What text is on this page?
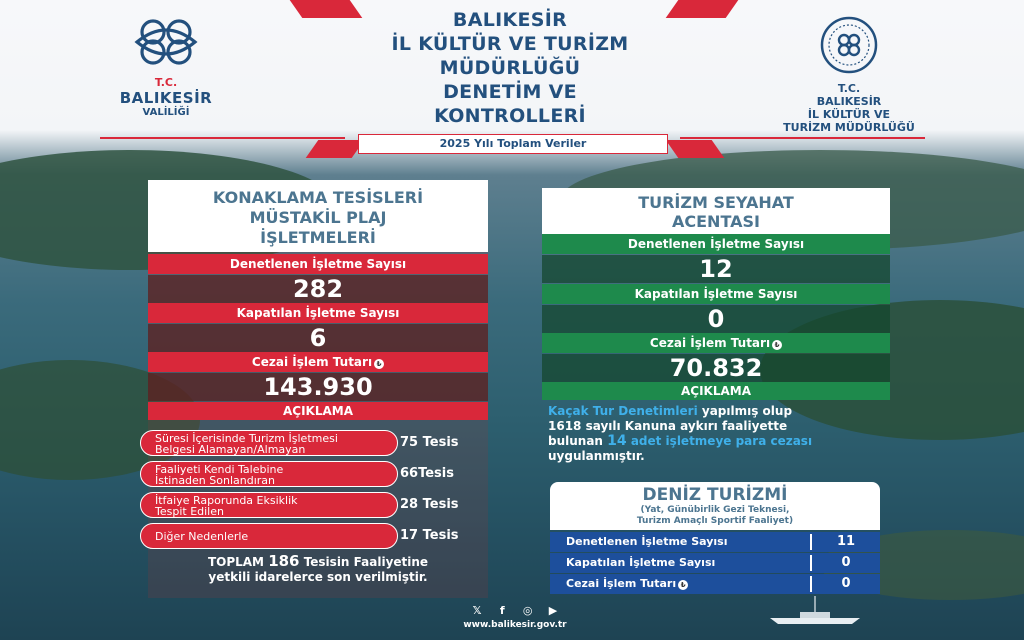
T.C.
BALIKESİR
VALİLİĞİ
BALIKESİR
İL KÜLTÜR VE TURİZM
MÜDÜRLÜĞÜ
DENETİM VE
KONTROLLERİ
2025 Yılı Toplam Veriler
T.C.
BALIKESİR
İL KÜLTÜR VE
TURİZM MÜDÜRLÜĞÜ
KONAKLAMA TESİSLERİ
MÜSTAKİL PLAJ
İŞLETMELERİ
Denetlenen İşletme Sayısı
282
Kapatılan İşletme Sayısı
6
Cezai İşlem Tutarı ₺
143.930
AÇIKLAMA
Süresi İçerisinde Turizm İşletmesi
Belgesi Alamayan/Almayan	75 Tesis
Faaliyeti Kendi Talebine
İstinaden Sonlandıran	66Tesis
İtfaiye Raporunda Eksiklik
Tespit Edilen	28 Tesis
Diğer Nedenlerle	17 Tesis
TOPLAM 186 Tesisin Faaliyetine
yetkili idarelerce son verilmiştir.
TURİZM SEYAHAT
ACENTASI
Denetlenen İşletme Sayısı
12
Kapatılan İşletme Sayısı
0
Cezai İşlem Tutarı ₺
70.832
AÇIKLAMA
Kaçak Tur Denetimleri yapılmış olup
1618 sayılı Kanuna aykırı faaliyette
bulunan 14 adet işletmeye para cezası
uygulanmıştır.
DENİZ TURİZMİ
(Yat, Günübirlik Gezi Teknesi,
Turizm Amaçlı Sportif Faaliyet)
Denetlenen İşletme Sayısı	11
Kapatılan İşletme Sayısı	0
Cezai İşlem Tutarı ₺	0
𝕏	f	◎ ▶
www.balikesir.gov.tr
